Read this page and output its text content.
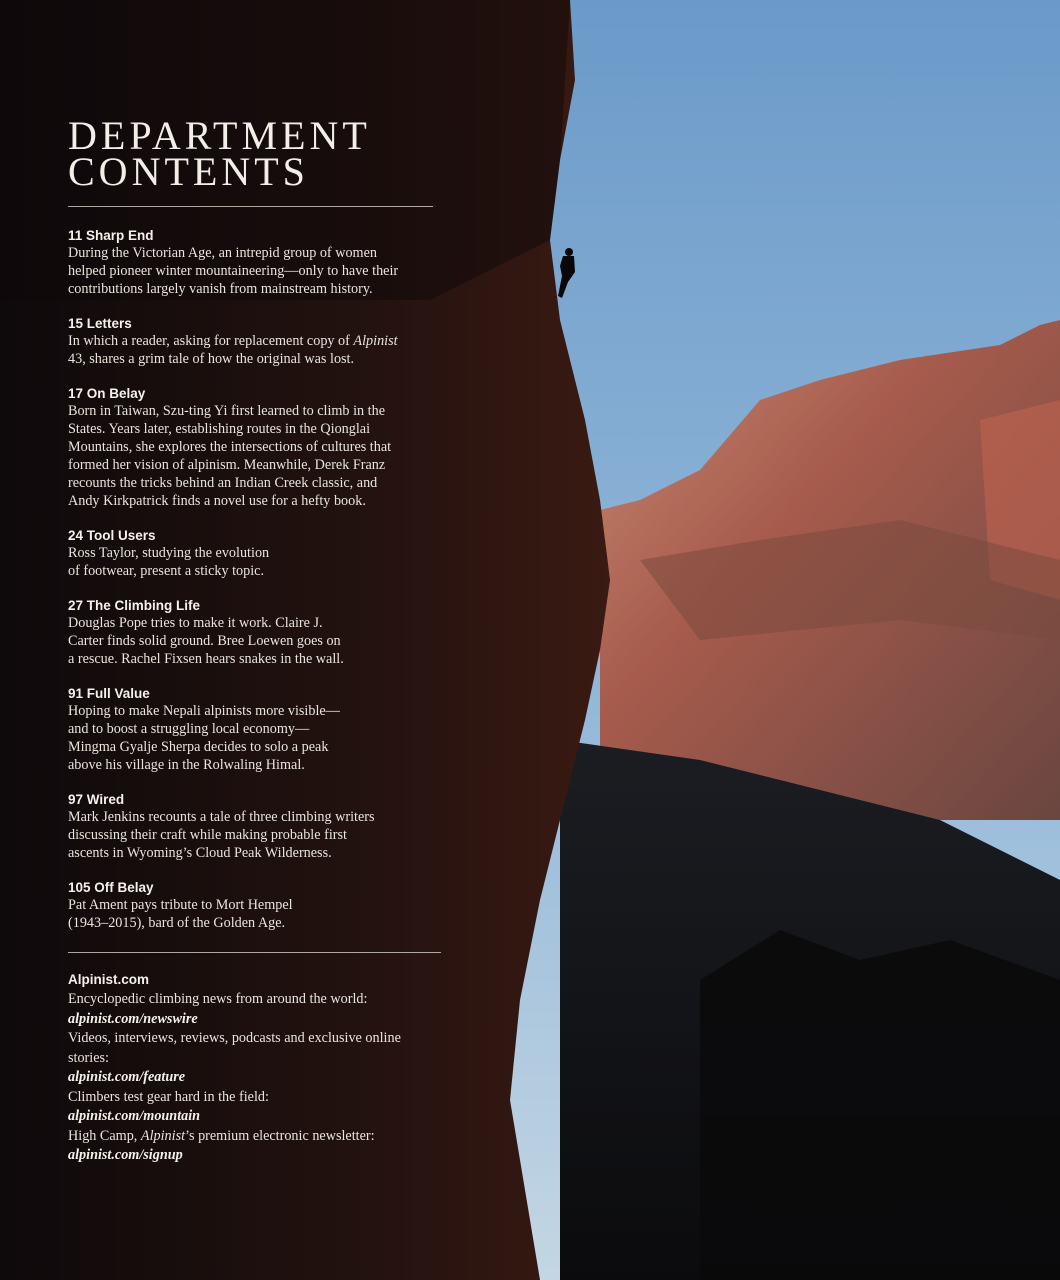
DEPARTMENT
CONTENTS
11 Sharp End

During the Victorian Age, an intrepid group of women
helped pioneer winter mountaineering—only to have their
contributions largely vanish from mainstream history.

15 Letters

In which a reader, asking for replacement copy of Alpinist
43, shares a grim tale of how the original was lost.

17 On Belay

Born in Taiwan, Szu-ting Yi first learned to climb in the
States. Years later, establishing routes in the Qionglai
Mountains, she explores the intersections of cultures that
formed her vision of alpinism. Meanwhile, Derek Franz
recounts the tricks behind an Indian Creek classic, and
Andy Kirkpatrick finds a novel use for a hefty book.

24 Tool Users

Ross Taylor, studying the evolution
of footwear, present a sticky topic.

27 The Climbing Life

Douglas Pope tries to make it work. Claire J.
Carter finds solid ground. Bree Loewen goes on
a rescue. Rachel Fixsen hears snakes in the wall.

91 Full Value

Hoping to make Nepali alpinists more visible—
and to boost a struggling local economy—
Mingma Gyalje Sherpa decides to solo a peak
above his village in the Rolwaling Himal.

97 Wired

Mark Jenkins recounts a tale of three climbing writers
discussing their craft while making probable first
ascents in Wyoming’s Cloud Peak Wilderness.

105 Off Belay

Pat Ament pays tribute to Mort Hempel
(1943–2015), bard of the Golden Age.

Alpinist.com

Encyclopedic climbing news from around the world:

alpinist.com/newswire

Videos, interviews, reviews, podcasts and exclusive online stories:

alpinist.com/feature

Climbers test gear hard in the field:

alpinist.com/mountain

High Camp, Alpinist’s premium electronic newsletter:

alpinist.com/signup
